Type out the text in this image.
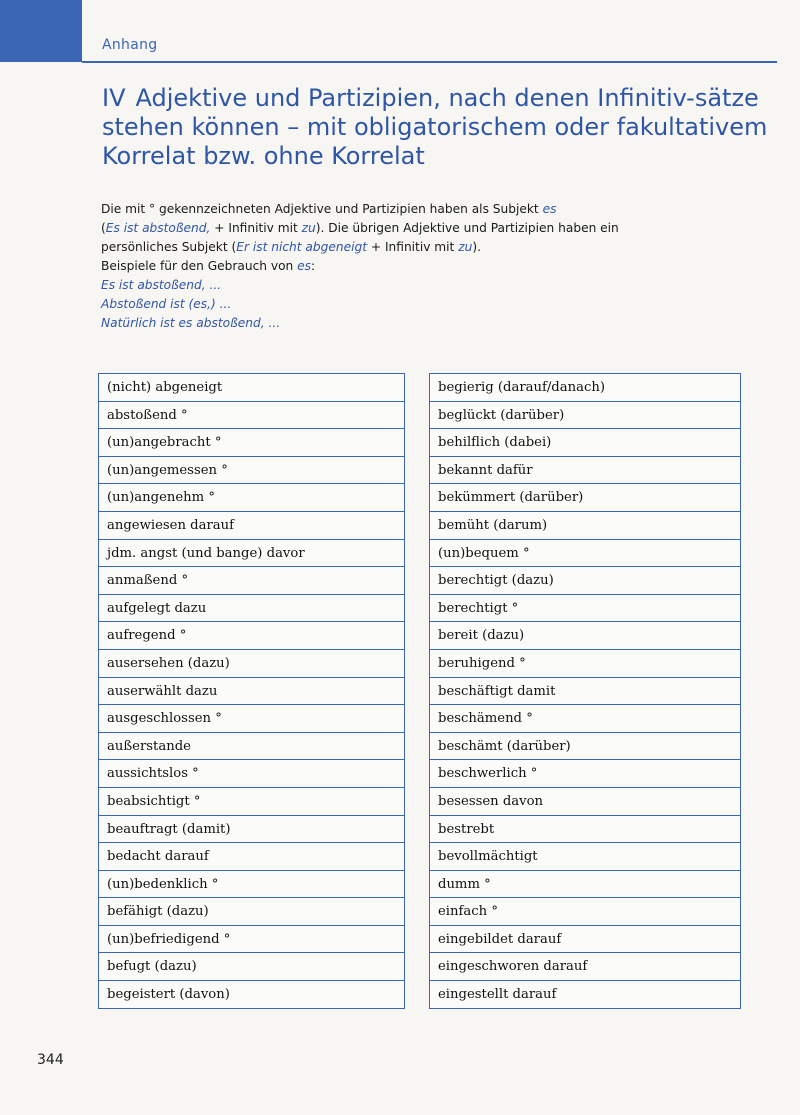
Anhang
IV Adjektive und Partizipien, nach denen Infinitiv-sätze stehen können – mit obligatorischem oder fakultativem Korrelat bzw. ohne Korrelat

Die mit ° gekennzeichneten Adjektive und Partizipien haben als Subjekt es
(Es ist abstoßend, + Infinitiv mit zu). Die übrigen Adjektive und Partizipien haben ein persönliches Subjekt (Er ist nicht abgeneigt + Infinitiv mit zu).

Beispiele für den Gebrauch von es:

Es ist abstoßend, ...

Abstoßend ist (es,) ...

Natürlich ist es abstoßend, ...

(nicht) abgeneigt
abstoßend °
(un)angebracht °
(un)angemessen °
(un)angenehm °
angewiesen darauf
jdm. angst (und bange) davor
anmaßend °
aufgelegt dazu
aufregend °
ausersehen (dazu)
auserwählt dazu
ausgeschlossen °
außerstande
aussichtslos °
beabsichtigt °
beauftragt (damit)
bedacht darauf
(un)bedenklich °
befähigt (dazu)
(un)befriedigend °
befugt (dazu)
begeistert (davon)
begierig (darauf/danach)
beglückt (darüber)
behilflich (dabei)
bekannt dafür
bekümmert (darüber)
bemüht (darum)
(un)bequem °
berechtigt (dazu)
berechtigt °
bereit (dazu)
beruhigend °
beschäftigt damit
beschämend °
beschämt (darüber)
beschwerlich °
besessen davon
bestrebt
bevollmächtigt
dumm °
einfach °
eingebildet darauf
eingeschworen darauf
eingestellt darauf
344
